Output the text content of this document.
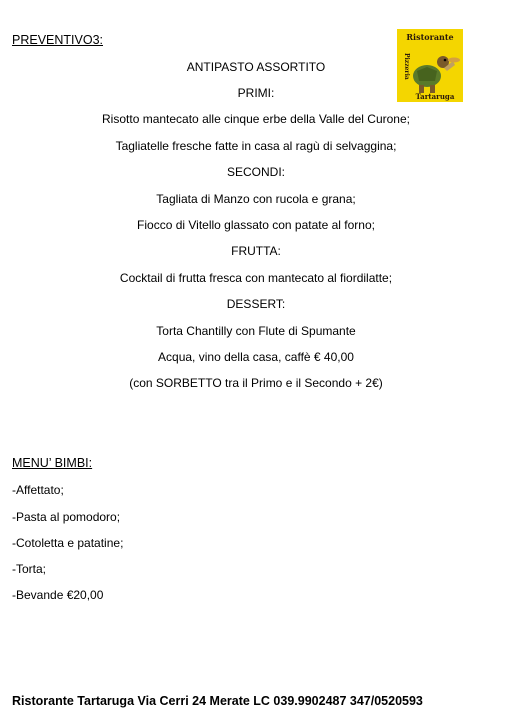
PREVENTIVO3:	Ristorante
Pizzeria
Tartaruga
ANTIPASTO ASSORTITO
PRIMI:
Risotto mantecato alle cinque erbe della Valle del Curone;
Tagliatelle fresche fatte in casa al ragù di selvaggina;
SECONDI:
Tagliata di Manzo con rucola e grana;
Fiocco di Vitello glassato con patate al forno;
FRUTTA:
Cocktail di frutta fresca con mantecato al fiordilatte;
DESSERT:
Torta Chantilly con Flute di Spumante
Acqua, vino della casa, caffè € 40,00
(con SORBETTO tra il Primo e il Secondo + 2€)
MENU’ BIMBI:
-Affettato;
-Pasta al pomodoro;
-Cotoletta e patatine;
-Torta;
-Bevande €20,00
Ristorante Tartaruga Via Cerri 24 Merate LC 039.9902487 347/0520593
